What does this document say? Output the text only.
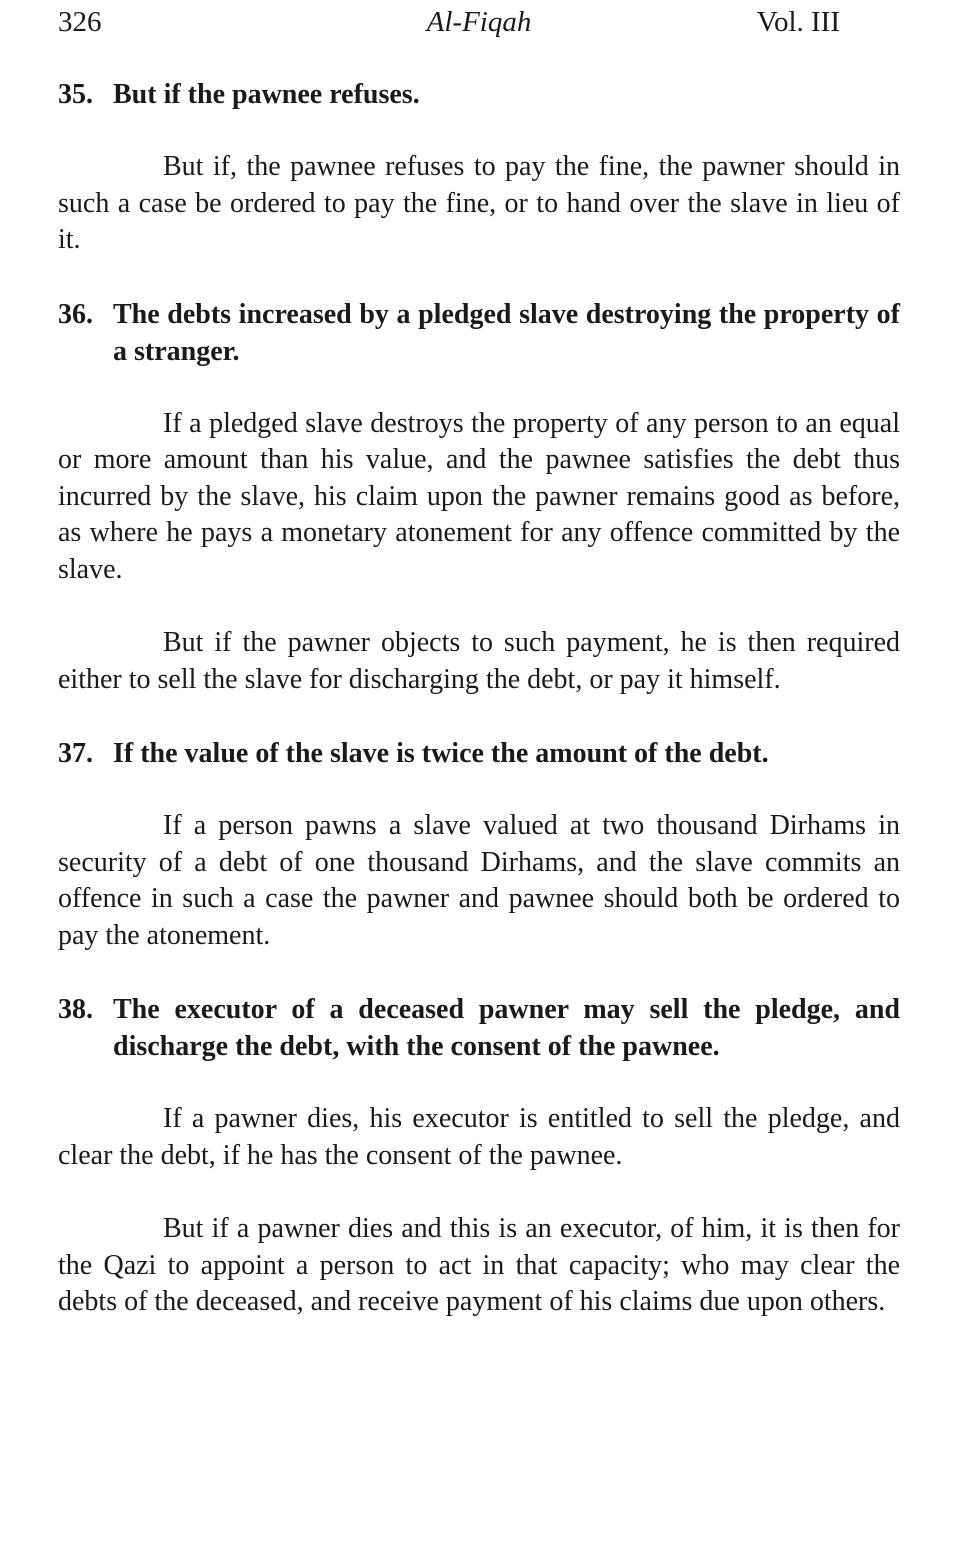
326	Al-Fiqah	Vol. III

35. But if the pawnee refuses.

But if, the pawnee refuses to pay the fine, the pawner should in such a case be ordered to pay the fine, or to hand over the slave in lieu of it.

36. The debts increased by a pledged slave destroying the property of a stranger.

If a pledged slave destroys the property of any person to an equal or more amount than his value, and the pawnee satisfies the debt thus incurred by the slave, his claim upon the pawner remains good as before, as where he pays a monetary atonement for any offence committed by the slave.

But if the pawner objects to such payment, he is then required either to sell the slave for discharging the debt, or pay it himself.

37. If the value of the slave is twice the amount of the debt.

If a person pawns a slave valued at two thousand Dirhams in security of a debt of one thousand Dirhams, and the slave commits an offence in such a case the pawner and pawnee should both be ordered to pay the atonement.

38. The executor of a deceased pawner may sell the pledge, and discharge the debt, with the consent of the pawnee.

If a pawner dies, his executor is entitled to sell the pledge, and clear the debt, if he has the consent of the pawnee.

But if a pawner dies and this is an executor, of him, it is then for the Qazi to appoint a person to act in that capacity; who may clear the debts of the deceased, and receive payment of his claims due upon others.
